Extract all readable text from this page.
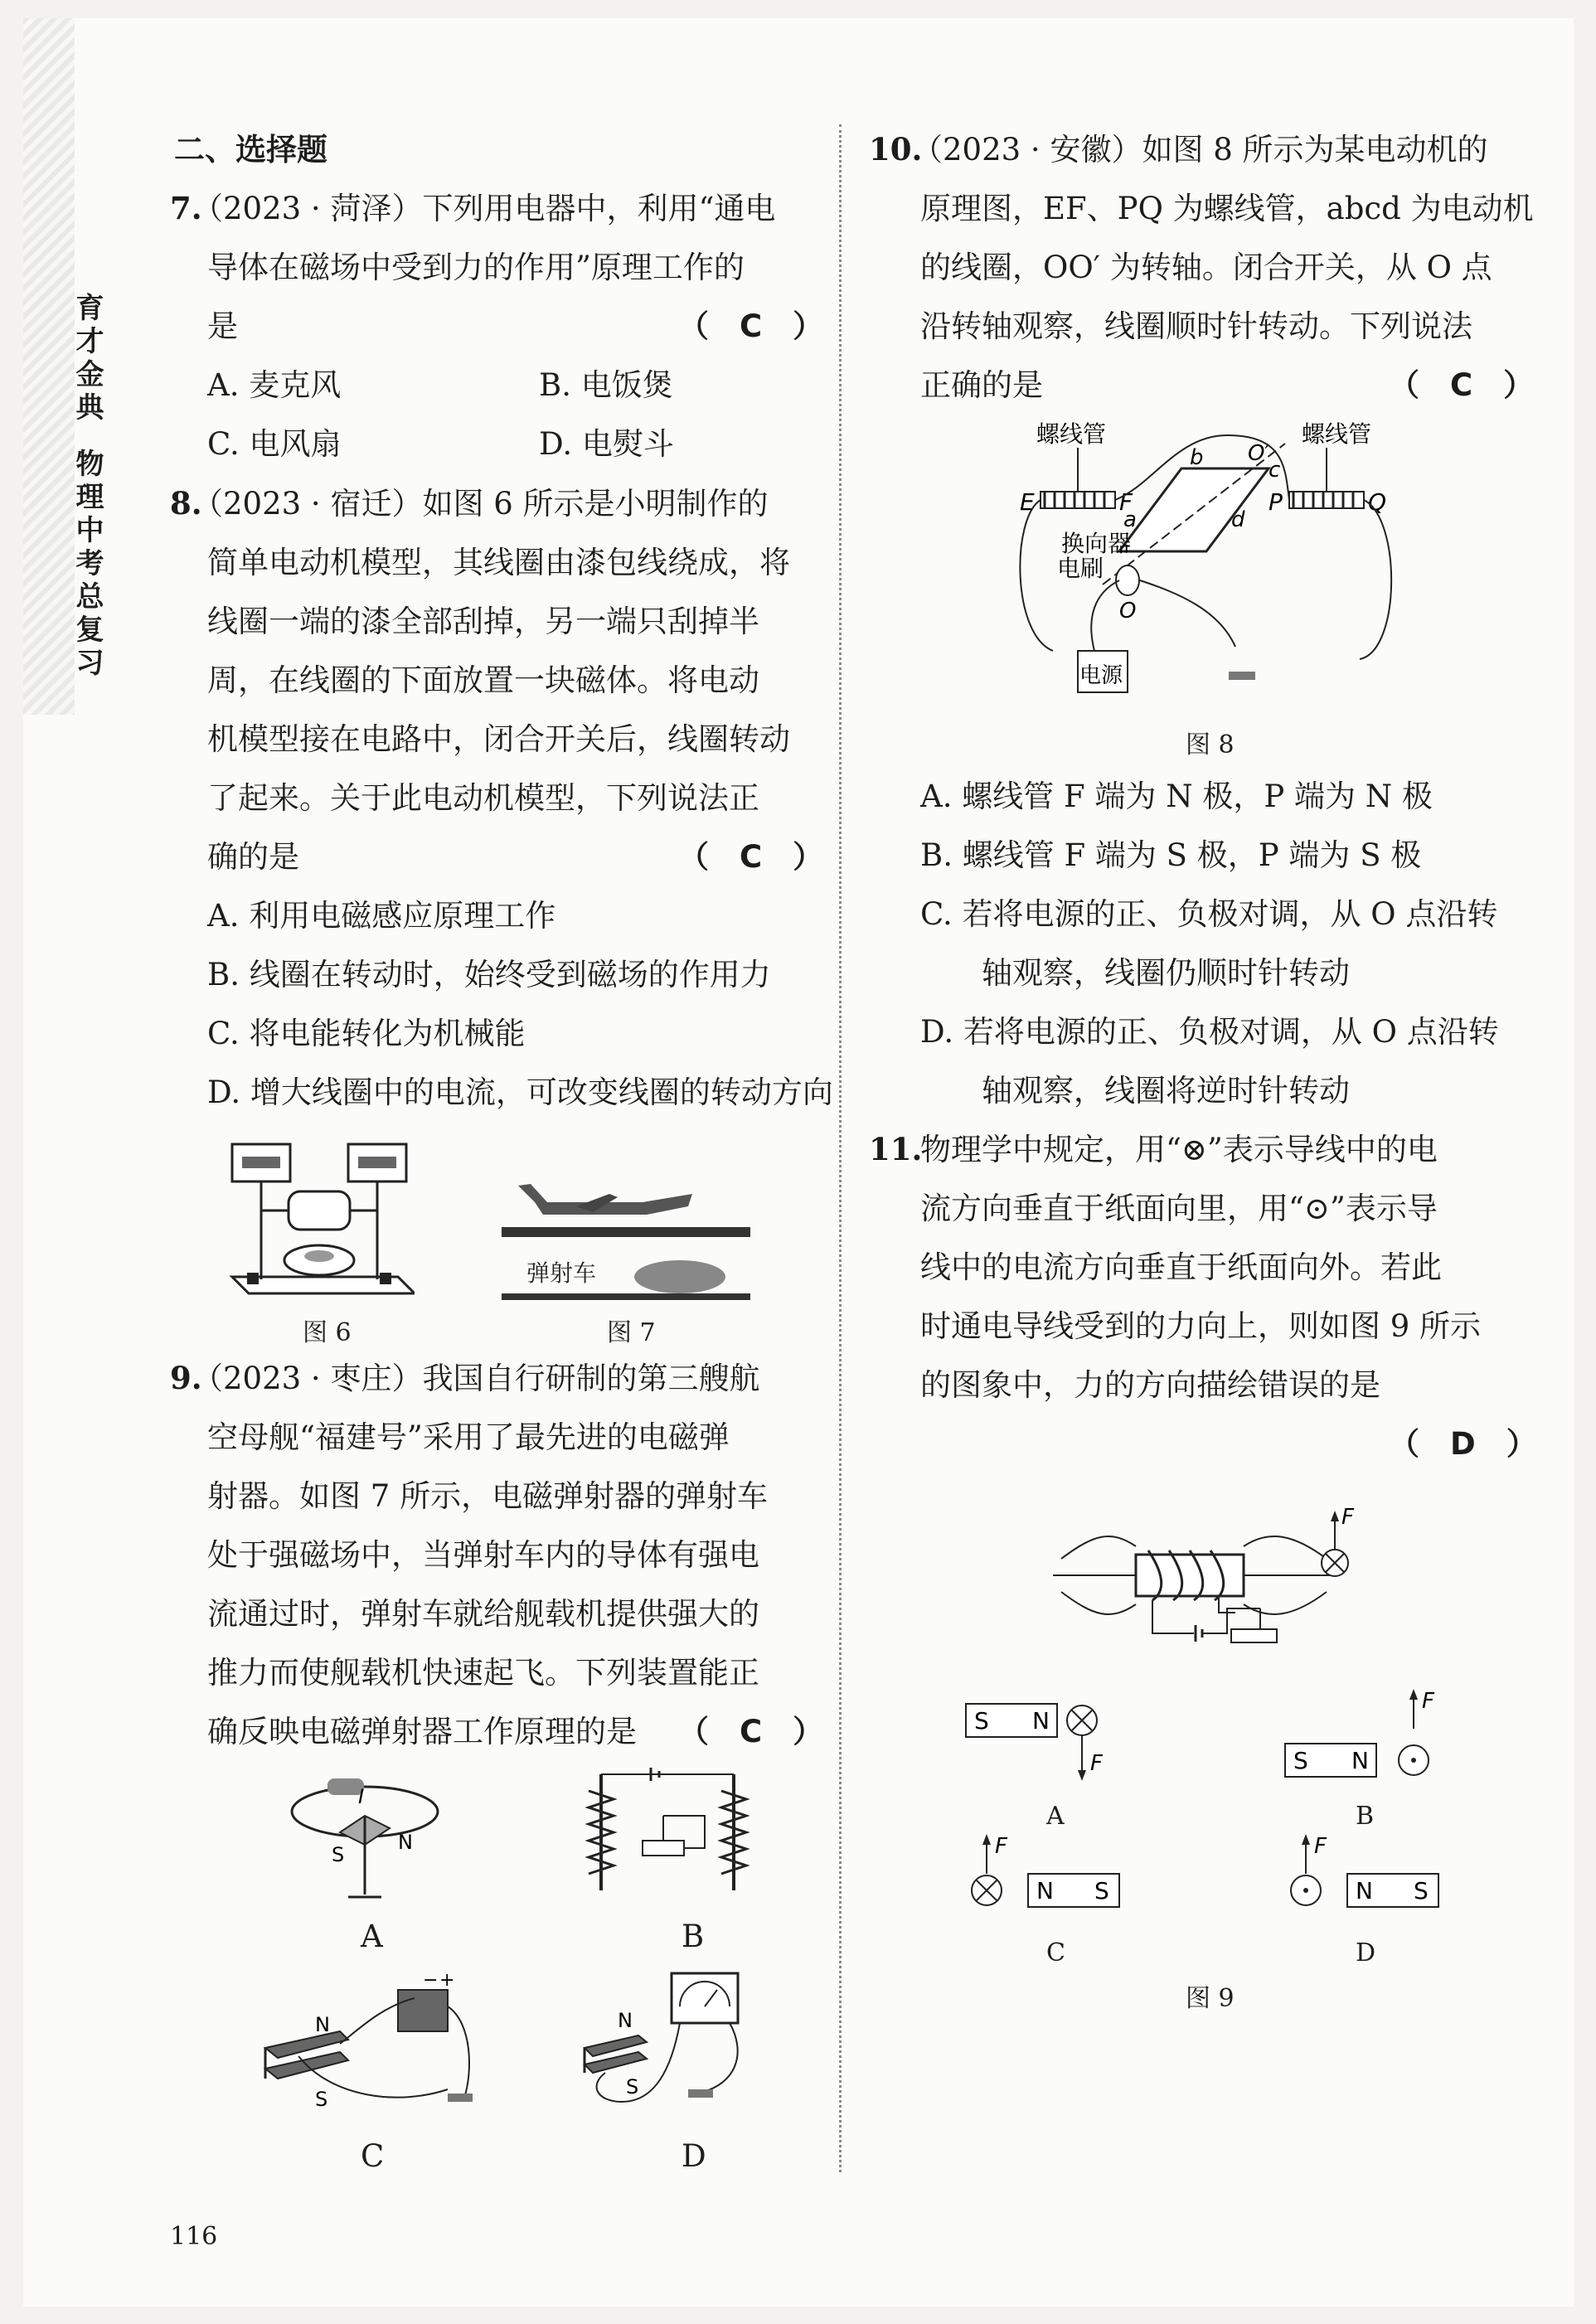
育
才
金
典
物
理
中
考
总
复
习
二、选择题
7.
（2023 · 菏泽）下列用电器中，利用“通电
导体在磁场中受到力的作用”原理工作的
是	（　C　）
A. 麦克风	B. 电饭煲
C. 电风扇	D. 电熨斗
8.
（2023 · 宿迁）如图 6 所示是小明制作的
简单电动机模型，其线圈由漆包线绕成，将
线圈一端的漆全部刮掉，另一端只刮掉半
周，在线圈的下面放置一块磁体。将电动
机模型接在电路中，闭合开关后，线圈转动
了起来。关于此电动机模型，下列说法正
确的是	（　C　）
A. 利用电磁感应原理工作
B. 线圈在转动时，始终受到磁场的作用力
C. 将电能转化为机械能
D. 增大线圈中的电流，可改变线圈的转动方向
图 6
弹射车
图 7
9.
（2023 · 枣庄）我国自行研制的第三艘航
空母舰“福建号”采用了最先进的电磁弹
射器。如图 7 所示，电磁弹射器的弹射车
处于强磁场中，当弹射车内的导体有强电
流通过时，弹射车就给舰载机提供强大的
推力而使舰载机快速起飞。下列装置能正
确反映电磁弹射器工作原理的是 （　C　）
I
S
N
A	B
− +
N
S
C
N
S
D
10.
（2023 · 安徽）如图 8 所示为某电动机的
原理图，EF、PQ 为螺线管，abcd 为电动机
的线圈，OO′ 为转轴。闭合开关，从 O 点
沿转轴观察，线圈顺时针转动。下列说法
正确的是	（　C　）
螺线管	螺线管
E	F	P	Q
b O′
c
a	d
换向器
电刷
O
电源
图 8
A. 螺线管 F 端为 N 极，P 端为 N 极
B. 螺线管 F 端为 S 极，P 端为 S 极
C. 若将电源的正、负极对调，从 O 点沿转
　　轴观察，线圈仍顺时针转动
D. 若将电源的正、负极对调，从 O 点沿转
　　轴观察，线圈将逆时针转动
11.
物理学中规定，用“⊗”表示导线中的电
流方向垂直于纸面向里，用“⊙”表示导
线中的电流方向垂直于纸面向外。若此
时通电导线受到的力向上，则如图 9 所示
的图象中，力的方向描绘错误的是
（　D　）
F
S N
F
A
F
S N
B
F
N S
C
F
N S
D
图 9
116
